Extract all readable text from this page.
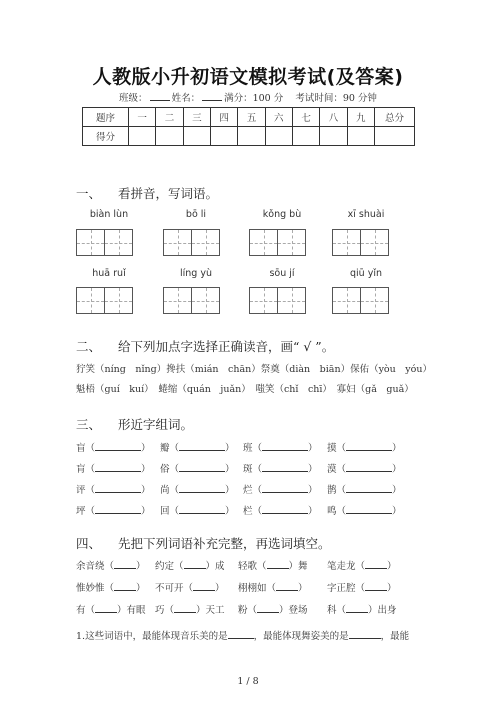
人教版小升初语文模拟考试(及答案)
班级：	姓名：	满分：100 分 考试时间：90 分钟
题序	一	二	三	四	五	六	七	八	九	总分
得分										
一、 看拼音，写词语。
biàn lùn	bō li	kǒng bù	xī shuài
huā ruǐ	líng yù	sōu jí	qiū yǐn
二、 给下列加点字选择正确读音，画“ √ ”。
狞笑（níng　nǐng）搀扶（mián　chān）祭奠（diàn　biān）保佑（yòu　yóu）
魁梧（guí　kuí）　蜷缩（quán　juǎn）　嗤笑（chǐ　chī）　寡妇（gǎ　guǎ）
三、 形近字组词。
盲（	） 瓣（	） 班（	） 摸（	）
肓（	） 俗（	） 斑（	） 漠（	）
评（	） 尚（	） 烂（	） 鹊（	）
坪（	） 回（	） 栏（	） 鸣（	）
四、 先把下列词语补充完整，再选词填空。
余音绕（ ） 约定（ ）成 轻歌（ ）舞 笔走龙（ ）
惟妙惟（ ） 不可开（ ） 栩栩如（ ） 字正腔（ ）
有（ ）有眼 巧（ ）天工 粉（ ）登场 科（ ）出身
1.这些词语中，最能体现音乐美的是	，最能体现舞姿美的是	，最能
1 / 8
